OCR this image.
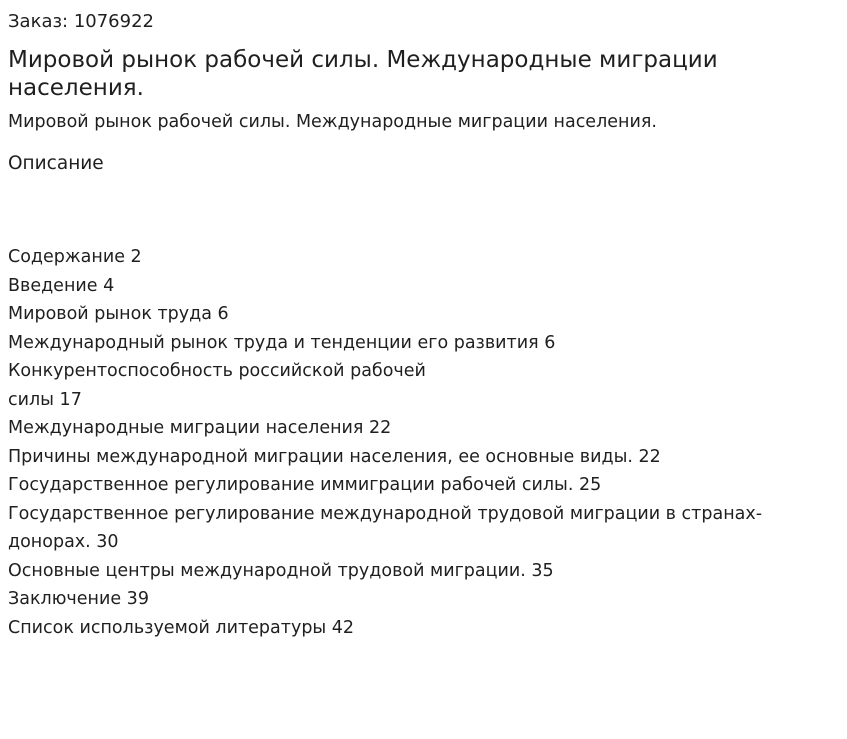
Заказ: 1076922
Мировой рынок рабочей силы. Международные миграции населения.
Мировой рынок рабочей силы. Международные миграции населения.
Описание
Содержание 2
Введение 4
Мировой рынок труда 6
Международный рынок труда и тенденции его развития 6
Конкурентоспособность российской рабочей
силы 17
Международные миграции населения 22
Причины международной миграции населения, ее основные виды. 22
Государственное регулирование иммиграции рабочей силы. 25
Государственное регулирование международной трудовой миграции в странах-
донорах. 30
Основные центры международной трудовой миграции. 35
Заключение 39
Список используемой литературы 42
